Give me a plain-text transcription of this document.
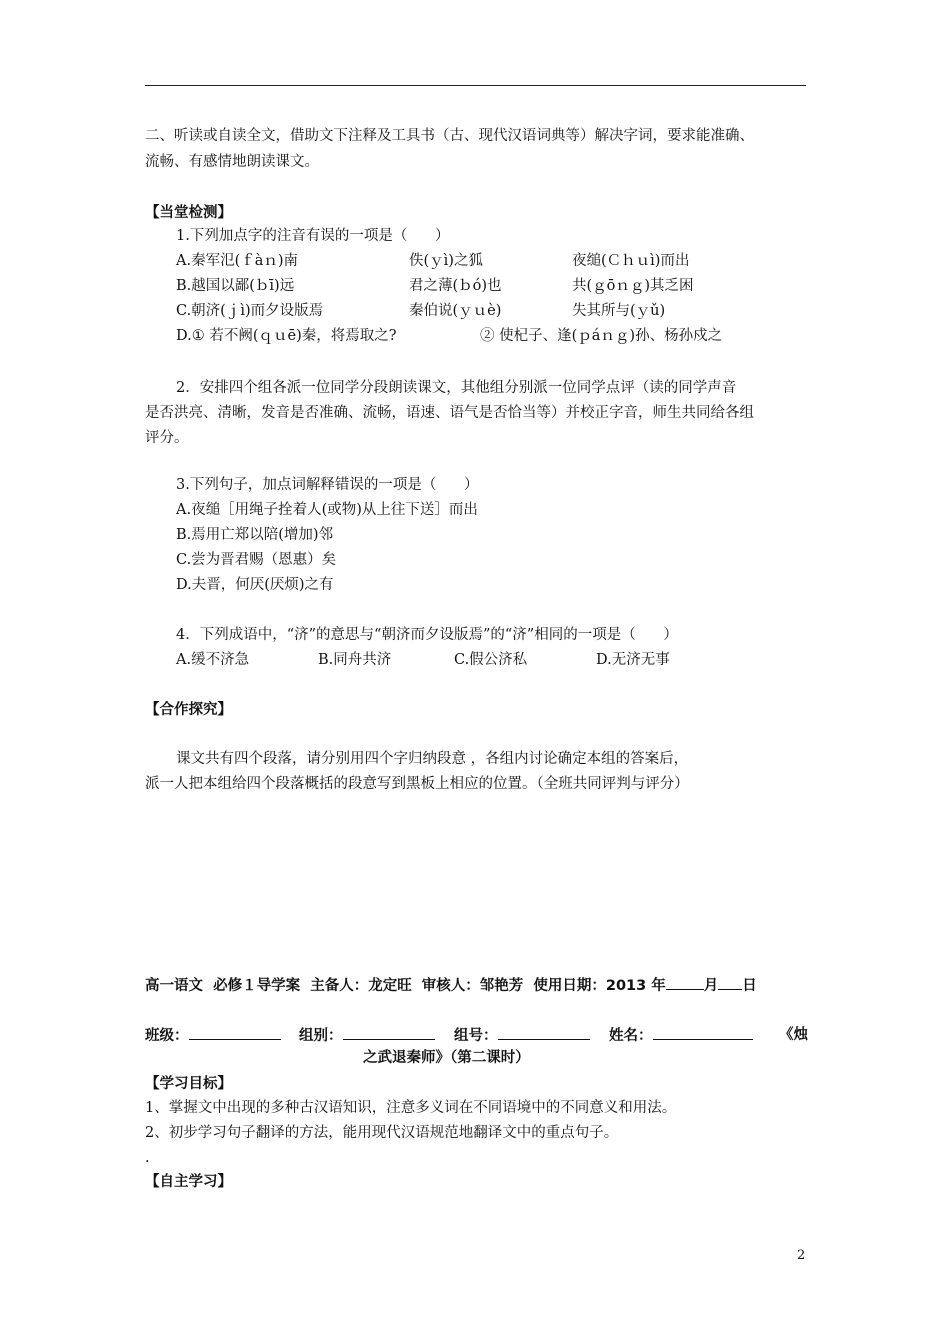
二、听读或自读全文，借助文下注释及工具书（古、现代汉语词典等）解决字词，要求能准确、
流畅、有感情地朗读课文。
【当堂检测】
1.下列加点字的注音有误的一项是（      ）
A.秦军氾(ｆàｎ)南	佚(ｙì)之狐	夜缒(Ｃｈｕì)而出
B.越国以鄙(ｂī)远	君之薄(ｂó)也	共(ｇōｎｇ)其乏困
C.朝济(ｊì)而夕设版焉	秦伯说(ｙｕè)	失其所与(ｙǔ)
D.① 若不阙(ｑｕē)秦，将焉取之?	② 使杞子、逢(ｐáｎｇ)孙、杨孙戍之
2．安排四个组各派一位同学分段朗读课文，其他组分别派一位同学点评（读的同学声音
是否洪亮、清晰，发音是否准确、流畅，语速、语气是否恰当等）并校正字音，师生共同给各组
评分。
3.下列句子，加点词解释错误的一项是（      ）
A.夜缒［用绳子拴着人(或物)从上往下送］而出
B.焉用亡郑以陪(增加)邻
C.尝为晋君赐（恩惠）矣
D.夫晋，何厌(厌烦)之有
4．下列成语中，“济”的意思与“朝济而夕设版焉”的“济”相同的一项是（      ）
A.缓不济急	B.同舟共济	C.假公济私	D.无济无事
【合作探究】
课文共有四个段落，请分别用四个字归纳段意 ，各组内讨论确定本组的答案后，
派一人把本组给四个段落概括的段意写到黑板上相应的位置。（全班共同评判与评分）
高一语文  必修１导学案  主备人：龙定旺  审核人：邹艳芳  使用日期：2013 年	月 日
班级：	组别：	组号：	姓名：	《烛
之武退秦师》（第二课时）
【学习目标】
1、掌握文中出现的多种古汉语知识，注意多义词在不同语境中的不同意义和用法。
2、初步学习句子翻译的方法，能用现代汉语规范地翻译文中的重点句子。
.
【自主学习】
2
